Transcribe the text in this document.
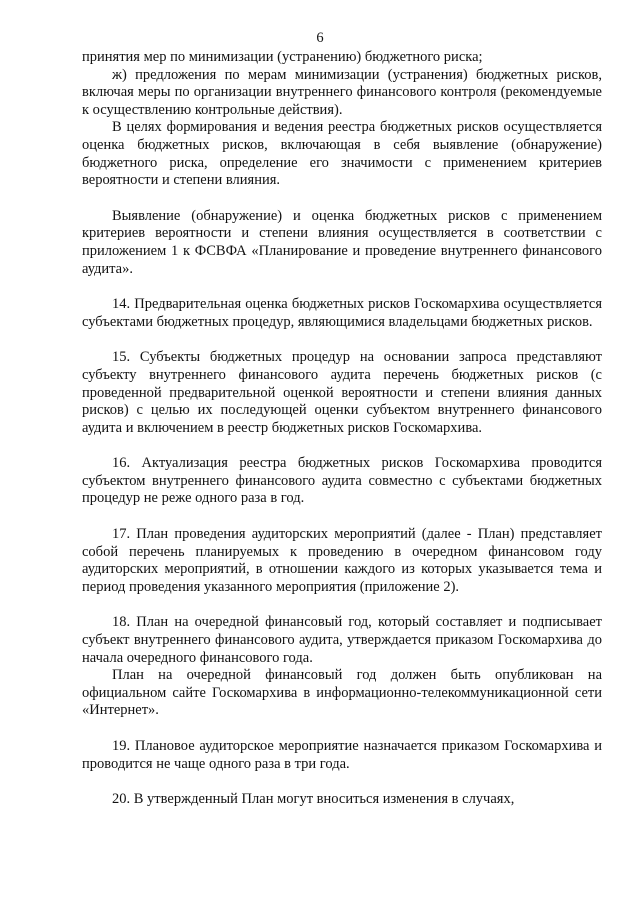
6

принятия мер по минимизации (устранению) бюджетного риска;

ж) предложения по мерам минимизации (устранения) бюджетных рисков, включая меры по организации внутреннего финансового контроля (рекомендуемые к осуществлению контрольные действия).

В целях формирования и ведения реестра бюджетных рисков осуществляется оценка бюджетных рисков, включающая в себя выявление (обнаружение) бюджетного риска, определение его значимости с применением критериев вероятности и степени влияния.

Выявление (обнаружение) и оценка бюджетных рисков с применением критериев вероятности и степени влияния осуществляется в соответствии с приложением 1 к ФСВФА «Планирование и проведение внутреннего финансового аудита».

14. Предварительная оценка бюджетных рисков Госкомархива осуществляется субъектами бюджетных процедур, являющимися владельцами бюджетных рисков.

15. Субъекты бюджетных процедур на основании запроса представляют субъекту внутреннего финансового аудита перечень бюджетных рисков (с проведенной предварительной оценкой вероятности и степени влияния данных рисков) с целью их последующей оценки субъектом внутреннего финансового аудита и включением в реестр бюджетных рисков Госкомархива.

16. Актуализация реестра бюджетных рисков Госкомархива проводится субъектом внутреннего финансового аудита совместно с субъектами бюджетных процедур не реже одного раза в год.

17. План проведения аудиторских мероприятий (далее - План) представляет собой перечень планируемых к проведению в очередном финансовом году аудиторских мероприятий, в отношении каждого из которых указывается тема и период проведения указанного мероприятия (приложение 2).

18. План на очередной финансовый год, который составляет и подписывает субъект внутреннего финансового аудита, утверждается приказом Госкомархива до начала очередного финансового года.

План на очередной финансовый год должен быть опубликован на официальном сайте Госкомархива в информационно-телекоммуникационной сети «Интернет».

19. Плановое аудиторское мероприятие назначается приказом Госкомархива и проводится не чаще одного раза в три года.

20. В утвержденный План могут вноситься изменения в случаях,
